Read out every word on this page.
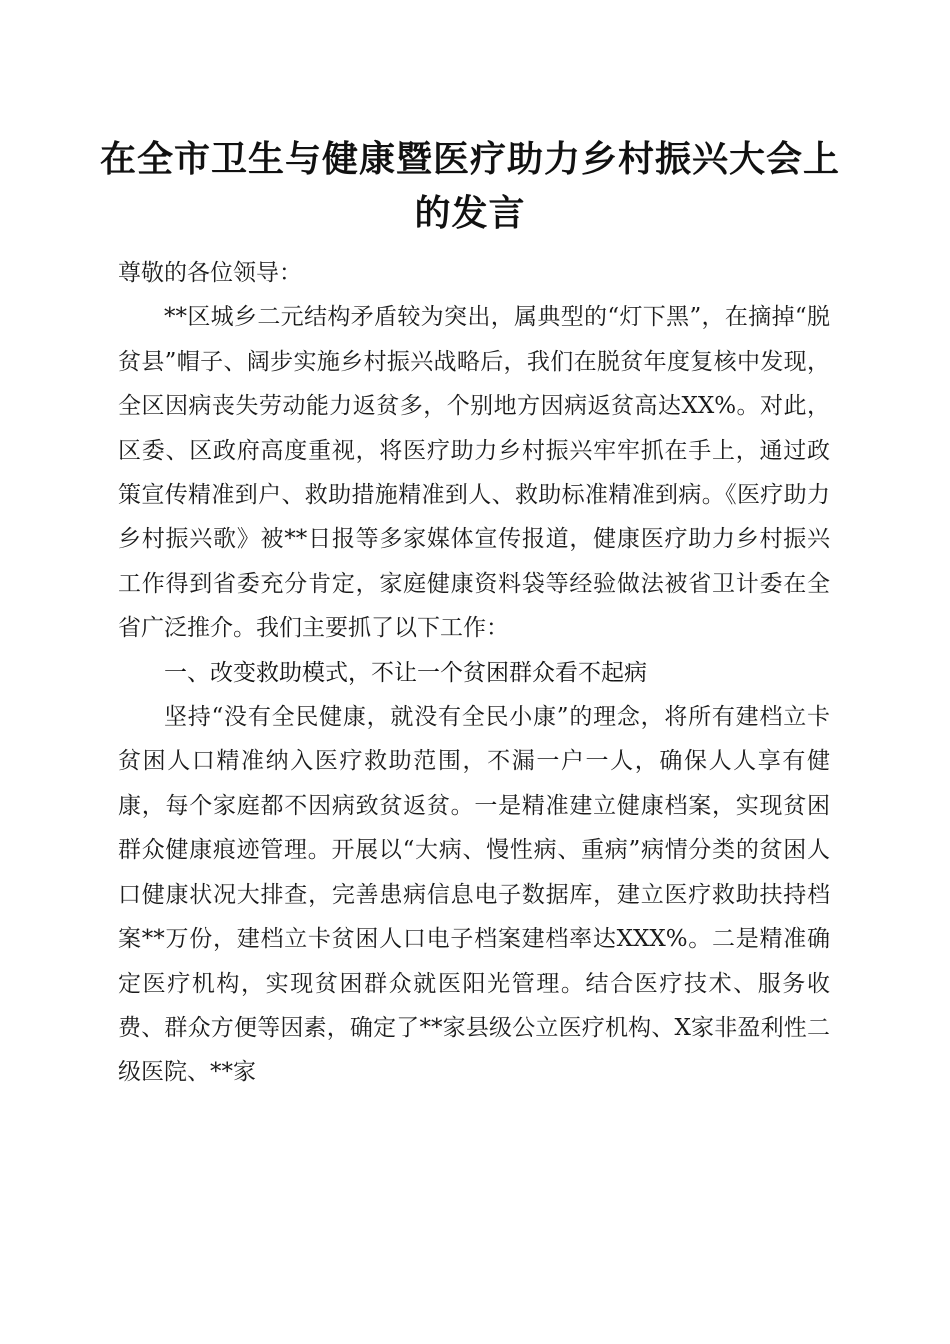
在全市卫生与健康暨医疗助力乡村振兴大会上的发言

尊敬的各位领导：

**区城乡二元结构矛盾较为突出，属典型的“灯下黑”，在摘掉“脱贫县”帽子、阔步实施乡村振兴战略后，我们在脱贫年度复核中发现，全区因病丧失劳动能力返贫多，个别地方因病返贫高达XX%。对此，区委、区政府高度重视，将医疗助力乡村振兴牢牢抓在手上，通过政策宣传精准到户、救助措施精准到人、救助标准精准到病。《医疗助力乡村振兴歌》被**日报等多家媒体宣传报道，健康医疗助力乡村振兴工作得到省委充分肯定，家庭健康资料袋等经验做法被省卫计委在全省广泛推介。我们主要抓了以下工作：

一、改变救助模式，不让一个贫困群众看不起病

坚持“没有全民健康，就没有全民小康”的理念，将所有建档立卡贫困人口精准纳入医疗救助范围，不漏一户一人，确保人人享有健康，每个家庭都不因病致贫返贫。一是精准建立健康档案，实现贫困群众健康痕迹管理。开展以“大病、慢性病、重病”病情分类的贫困人口健康状况大排查，完善患病信息电子数据库，建立医疗救助扶持档案**万份，建档立卡贫困人口电子档案建档率达XXX%。二是精准确定医疗机构，实现贫困群众就医阳光管理。结合医疗技术、服务收费、群众方便等因素，确定了**家县级公立医疗机构、X家非盈利性二级医院、**家
